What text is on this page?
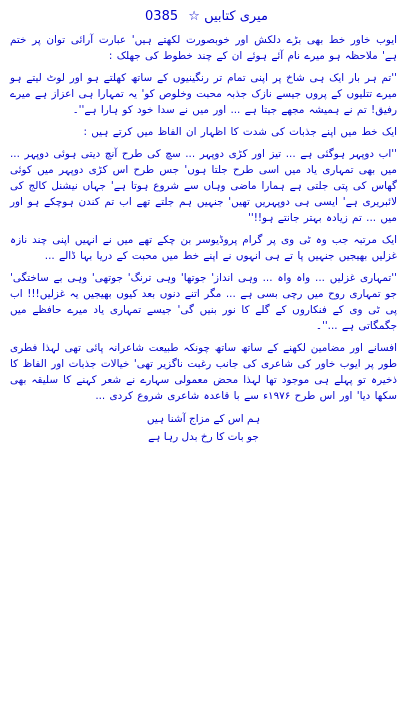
میری کتابیں ☆ 0385

ایوب خاور خط بھی بڑے دلکش اور خوبصورت لکھتے ہیں' عبارت آرائی توان پر ختم ہے' ملاحظہ ہو میرے نام آئے ہوئے ان کے چند خطوط کی جھلک :

''تم ہر بار ایک ہی شاخ پر اپنی تمام تر رنگینیوں کے ساتھ کھلتے ہو اور لوٹ لیتے ہو میرے تتلیوں کے پروں جیسے نازک جذبہ محبت وخلوص کو' یہ تمہارا ہی اعزاز ہے میرے رفیق! تم نے ہمیشہ مجھے جیتا ہے ... اور میں نے سدا خود کو ہارا ہے''۔

ایک خط میں اپنے جذبات کی شدت کا اظہار ان الفاظ میں کرتے ہیں :

''اب دوپہر ہوگئی ہے ... تیز اور کڑی دوپہر ... سچ کی طرح آنچ دیتی ہوئی دوپہر ... میں بھی تمہاری یاد میں اسی طرح جلتا ہوں' جس طرح اس کڑی دوپہر میں کوئی گھاس کی پتی جلتی ہے ہمارا ماضی وہاں سے شروع ہوتا ہے' جہاں نیشنل کالج کی لائبریری ہے' ایسی ہی دوپہریں تھیں' جنہیں ہم جلتے تھے اب تم کندن ہوچکے ہو اور میں ... تم زیادہ بہتر جانتے ہو!!''

ایک مرتبہ جب وہ ٹی وی پر گرام پروڈیوسر بن چکے تھے میں نے انہیں اپنی چند نازہ غزلیں بھیجیں جنہیں پا تے ہی انہوں نے اپنے خط میں محبت کے دریا بہا ڈالے ...

''تمہاری غزلیں ... واہ واہ ... وہی انداز' جوتھا' وہی ترنگ' جوتھی' وہی بے ساختگی' جو تمہاری روح میں رچی بسی ہے ... مگر اتنے دنوں بعد کیوں بھیجیں یہ غزلیں!!! اب پی ٹی وی کے فنکاروں کے گلے کا نور بنیں گی' جیسے تمہاری یاد میرے حافظے میں جگمگاتی ہے ...''۔

افسانے اور مضامین لکھنے کے ساتھ ساتھ چونکہ طبیعت شاعرانہ پائی تھی لہذا فطری طور پر ایوب خاور کی شاعری کی جانب رغبت ناگزیر تھی' خیالات جذبات اور الفاظ کا ذخیرہ تو پہلے ہی موجود تھا لہذا محض معمولی سہارے نے شعر کہنے کا سلیقہ بھی سکھا دیا' اور اس طرح ۱۹۷۶ء سے با قاعدہ شاعری شروع کردی ...

ہم اس کے مزاج آشنا ہیں

جو بات کا رخ بدل رہا ہے
